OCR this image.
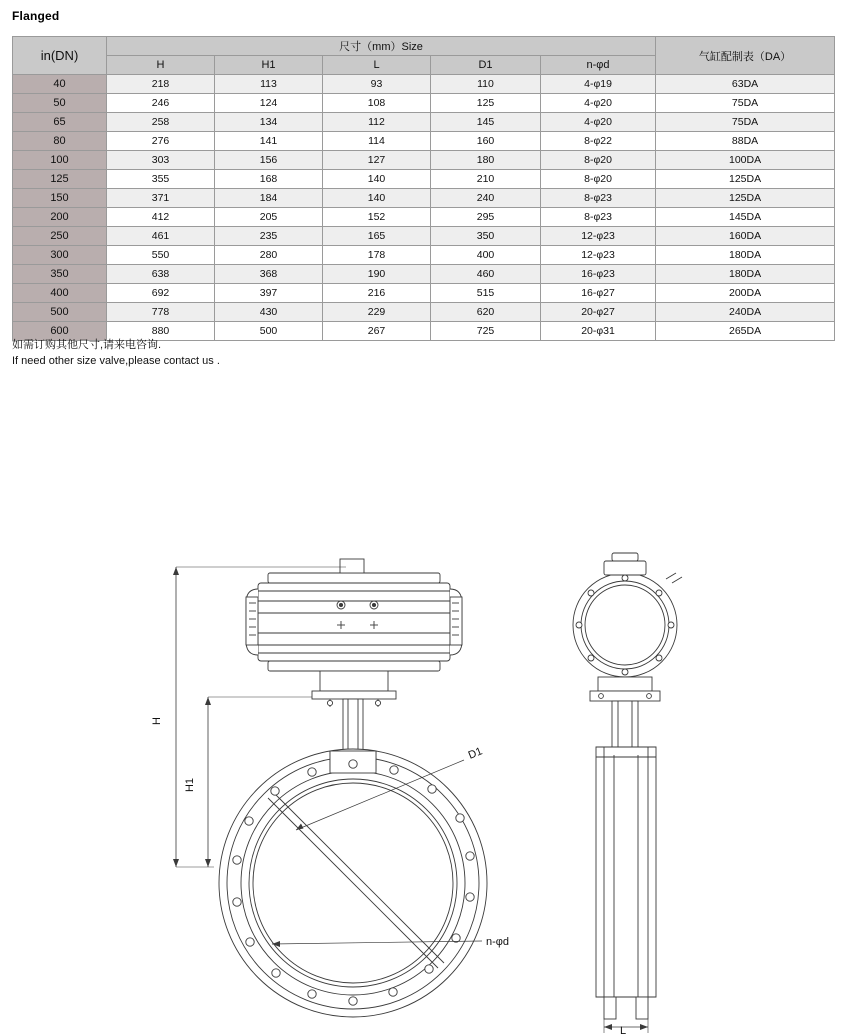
Flanged
in(DN)	尺寸（mm）Size					气缸配制表（DA）
	H	H1	L	D1	n-φd	
40	218	113	93	110	4-φ19	63DA
50	246	124	108	125	4-φ20	75DA
65	258	134	112	145	4-φ20	75DA
80	276	141	114	160	8-φ22	88DA
100	303	156	127	180	8-φ20	100DA
125	355	168	140	210	8-φ20	125DA
150	371	184	140	240	8-φ23	125DA
200	412	205	152	295	8-φ23	145DA
250	461	235	165	350	12-φ23	160DA
300	550	280	178	400	12-φ23	180DA
350	638	368	190	460	16-φ23	180DA
400	692	397	216	515	16-φ27	200DA
500	778	430	229	620	20-φ27	240DA
600	880	500	267	725	20-φ31	265DA
如需订购其他尺寸,请来电咨询.
If need other size valve,please contact us .
H
H1
D1
n-φd
L
